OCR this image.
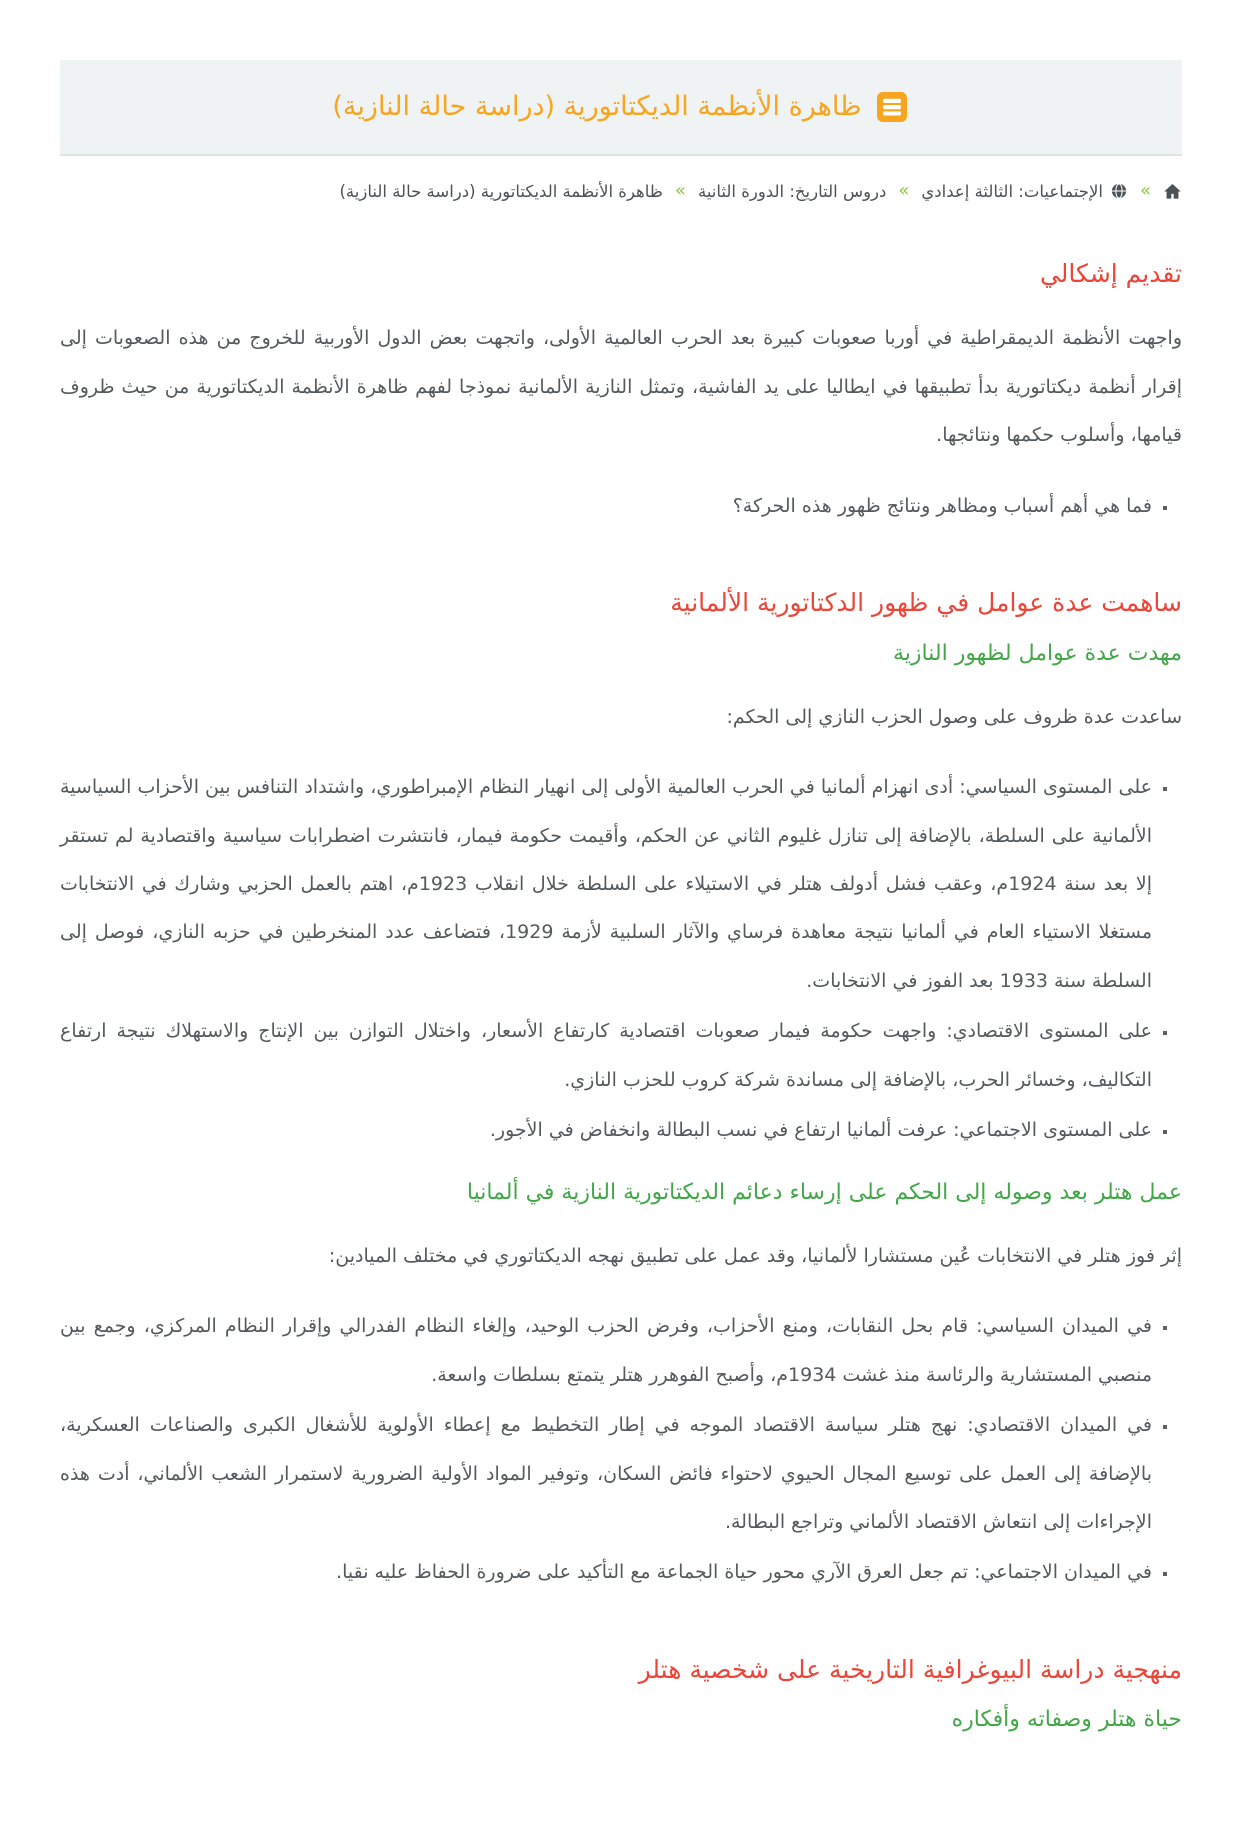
ظاهرة الأنظمة الديكتاتورية (دراسة حالة النازية)
«
الإجتماعيات: الثالثة إعدادي
«
دروس التاريخ: الدورة الثانية
«
ظاهرة الأنظمة الديكتاتورية (دراسة حالة النازية)
تقديم إشكالي

واجهت الأنظمة الديمقراطية في أوربا صعوبات كبيرة بعد الحرب العالمية الأولى، واتجهت بعض الدول الأوربية للخروج من هذه الصعوبات إلى إقرار أنظمة ديكتاتورية بدأ تطبيقها في ايطاليا على يد الفاشية، وتمثل النازية الألمانية نموذجا لفهم ظاهرة الأنظمة الديكتاتورية من حيث ظروف قيامها، وأسلوب حكمها ونتائجها.

▪ فما هي أهم أسباب ومظاهر ونتائج ظهور هذه الحركة؟
ساهمت عدة عوامل في ظهور الدكتاتورية الألمانية
مهدت عدة عوامل لظهور النازية

ساعدت عدة ظروف على وصول الحزب النازي إلى الحكم:

▪ على المستوى السياسي: أدى انهزام ألمانيا في الحرب العالمية الأولى إلى انهيار النظام الإمبراطوري، واشتداد التنافس بين الأحزاب السياسية الألمانية على السلطة، بالإضافة إلى تنازل غليوم الثاني عن الحكم، وأقيمت حكومة فيمار، فانتشرت اضطرابات سياسية واقتصادية لم تستقر إلا بعد سنة 1924م، وعقب فشل أدولف هتلر في الاستيلاء على السلطة خلال انقلاب 1923م، اهتم بالعمل الحزبي وشارك في الانتخابات مستغلا الاستياء العام في ألمانيا نتيجة معاهدة فرساي والآثار السلبية لأزمة 1929، فتضاعف عدد المنخرطين في حزبه النازي، فوصل إلى السلطة سنة 1933 بعد الفوز في الانتخابات.
▪ على المستوى الاقتصادي: واجهت حكومة فيمار صعوبات اقتصادية كارتفاع الأسعار، واختلال التوازن بين الإنتاج والاستهلاك نتيجة ارتفاع التكاليف، وخسائر الحرب، بالإضافة إلى مساندة شركة كروب للحزب النازي.
▪ على المستوى الاجتماعي: عرفت ألمانيا ارتفاع في نسب البطالة وانخفاض في الأجور.
عمل هتلر بعد وصوله إلى الحكم على إرساء دعائم الديكتاتورية النازية في ألمانيا

إثر فوز هتلر في الانتخابات عُين مستشارا لألمانيا، وقد عمل على تطبيق نهجه الديكتاتوري في مختلف الميادين:

▪ في الميدان السياسي: قام بحل النقابات، ومنع الأحزاب، وفرض الحزب الوحيد، وإلغاء النظام الفدرالي وإقرار النظام المركزي، وجمع بين منصبي المستشارية والرئاسة منذ غشت 1934م، وأصبح الفوهرر هتلر يتمتع بسلطات واسعة.
▪ في الميدان الاقتصادي: نهج هتلر سياسة الاقتصاد الموجه في إطار التخطيط مع إعطاء الأولوية للأشغال الكبرى والصناعات العسكرية، بالإضافة إلى العمل على توسيع المجال الحيوي لاحتواء فائض السكان، وتوفير المواد الأولية الضرورية لاستمرار الشعب الألماني، أدت هذه الإجراءات إلى انتعاش الاقتصاد الألماني وتراجع البطالة.
▪ في الميدان الاجتماعي: تم جعل العرق الآري محور حياة الجماعة مع التأكيد على ضرورة الحفاظ عليه نقيا.
منهجية دراسة البيوغرافية التاريخية على شخصية هتلر
حياة هتلر وصفاته وأفكاره
